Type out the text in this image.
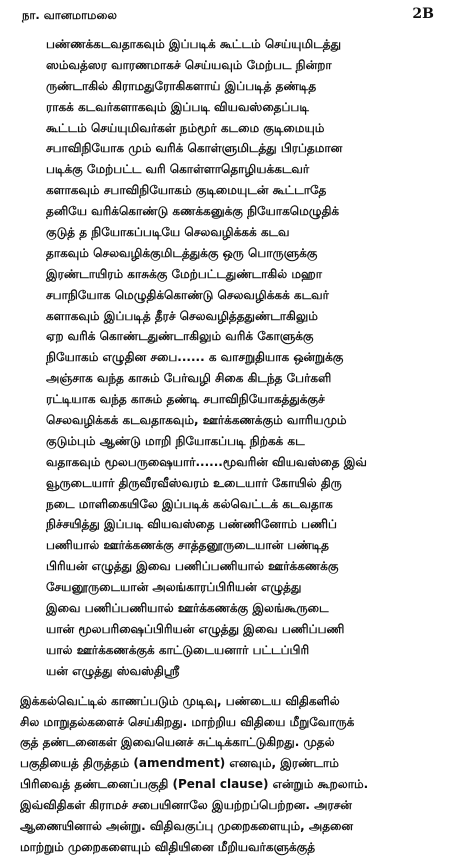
நா. வானமாமலை	2B
பண்ணக்கடவதாகவும் இப்படிக் கூட்டம் செய்யுமிடத்து
ஸம்வத்ஸர வாரணமாகச் செய்யவும் மேற்பட நின்றா
ருண்டாகில் கிராமதுரோகிகளாய் இப்படித் தண்டித
ராகக் கடவர்களாகவும் இப்படி வியவஸ்தைப்படி
கூட்டம் செய்யுமிவர்கள் நம்மூர் கடமை குடிமையும்
சபாவிநியோக மும் வரிக் கொள்ளுமிடத்து பிரப்தமான
படிக்கு மேற்பட்ட வரி கொள்ளாதொழியக்கடவர்
களாகவும் சபாவிநியோகம் குடிமையுடன் கூட்டாதே
தனியே வரிக்கொண்டு கணக்கனுக்கு நியோகமெழுதிக்
குடுத் த நியோகப்படியே செலவழிக்கக் கடவ
தாகவும் செலவழிக்குமிடத்துக்கு ஒரு பொருளுக்கு
இரண்டாயிரம் காசுக்கு மேற்பட்டதுண்டாகில் மஹா
சபாநியோக மெழுதிக்கொண்டு செலவழிக்கக் கடவர்
களாகவும் இப்படித் தீரச் செலவழித்ததுண்டாகிலும்
ஏற வரிக் கொண்டதுண்டாகிலும் வரிக் கோளுக்கு
நியோகம் எழுதின சபை...... க வாசறுதியாக ஒன்றுக்கு
அஞ்சாக வந்த காசும் பேர்வழி சிகை கிடந்த பேர்களி
ரட்டியாக வந்த காசும் தண்டி சபாவிநியோகத்துக்குச்
செலவழிக்கக் கடவதாகவும், ஊர்க்கணக்கும் வாரியமும்
குடும்பும் ஆண்டு மாறி நியோகப்படி நிற்கக் கட
வதாகவும் மூலபருஷையார்......மூவரின் வியவஸ்தை இவ்
வூருடையார் திருவீரவீஸ்வரம் உடையார் கோயில் திரு
நடை மாளிகையிலே இப்படிக் கல்வெட்டக் கடவதாக
நிச்சயித்து இப்படி வியவஸ்தை பண்ணினோம் பணிப்
பணியால் ஊர்க்கணக்கு சாத்தனூருடையான் பண்டித
பிரியன் எழுத்து இவை பணிப்பணியால் ஊர்க்கணக்கு
சேயனூருடையான் அலங்காரப்பிரியன் எழுத்து
இவை பணிப்பணியால் ஊர்க்கணக்கு இலங்கூருடை
யான் மூலபரிஷைப்பிரியன் எழுத்து இவை பணிப்பணி
யால் ஊர்க்கணக்குக் காட்டுடையனார் பட்டப்பிரி
யன் எழுத்து ஸ்வஸ்திஸ்ரீ
இக்கல்வெட்டில் காணப்படும் முடிவு, பண்டைய விதிகளில்
சில மாறுதல்களைச் செய்கிறது. மாற்றிய விதியை மீறுவோருக்
குத் தண்டனைகள் இவையெனச் சுட்டிக்காட்டுகிறது. முதல்
பகுதியைத் திருத்தம் (amendment) எனவும், இரண்டாம்
பிரிவைத் தண்டனைப்பகுதி (Penal clause) என்றும் கூறலாம்.
இவ்விதிகள் கிராமச் சபையினாலே இயற்றப்பெற்றன. அரசன்
ஆணையினால் அன்று. விதிவகுப்பு முறைகளையும், அதனை
மாற்றும் முறைகளையும் விதியினை மீறியவர்களுக்குத்
